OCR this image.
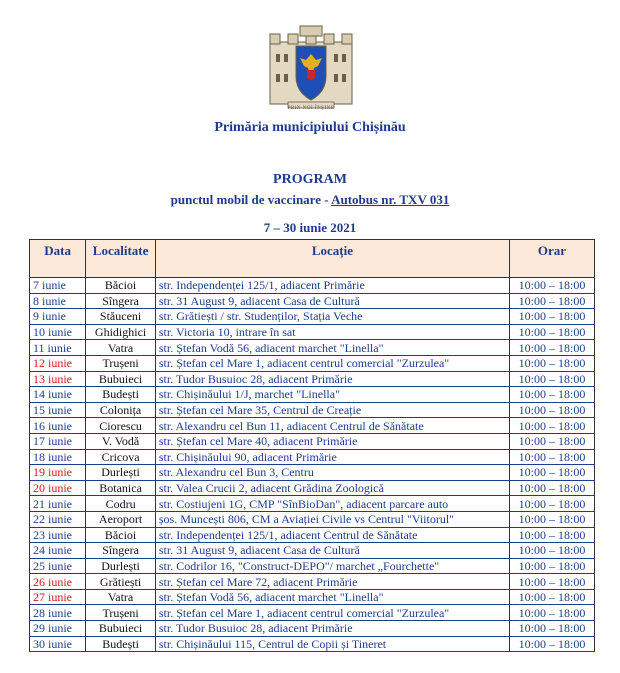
PRIN NOI ÎNȘINE
Primăria municipiului Chișinău
PROGRAM
punctul mobil de vaccinare - Autobus nr. TXV 031
7 – 30 iunie 2021
Data	Localitate	Locație	Orar
7 iunie	Băcioi	str. Independenței 125/1, adiacent Primărie	10:00 – 18:00
8 iunie	Sîngera	str. 31 August 9, adiacent Casa de Cultură	10:00 – 18:00
9 iunie	Stăuceni	str. Grătiești / str. Studenților, Stația Veche	10:00 – 18:00
10 iunie	Ghidighici	str. Victoria 10, intrare în sat	10:00 – 18:00
11 iunie	Vatra	str. Ștefan Vodă 56, adiacent marchet "Linella"	10:00 – 18:00
12 iunie	Trușeni	str. Ștefan cel Mare 1, adiacent centrul comercial "Zurzulea"	10:00 – 18:00
13 iunie	Bubuieci	str. Tudor Busuioc 28, adiacent Primărie	10:00 – 18:00
14 iunie	Budești	str. Chișinăului 1/J, marchet "Linella"	10:00 – 18:00
15 iunie	Colonița	str. Ștefan cel Mare 35, Centrul de Creație	10:00 – 18:00
16 iunie	Ciorescu	str. Alexandru cel Bun 11, adiacent Centrul de Sănătate	10:00 – 18:00
17 iunie	V. Vodă	str. Ștefan cel Mare 40, adiacent Primărie	10:00 – 18:00
18 iunie	Cricova	str. Chișinăului 90, adiacent Primărie	10:00 – 18:00
19 iunie	Durlești	str. Alexandru cel Bun 3, Centru	10:00 – 18:00
20 iunie	Botanica	str. Valea Crucii 2, adiacent Grădina Zoologică	10:00 – 18:00
21 iunie	Codru	str. Costiujeni 1G, CMP "SînBioDan", adiacent parcare auto	10:00 – 18:00
22 iunie	Aeroport	șos. Muncești 806, CM a Aviației Civile vs Centrul "Viitorul"	10:00 – 18:00
23 iunie	Băcioi	str. Independenței 125/1, adiacent Centrul de Sănătate	10:00 – 18:00
24 iunie	Sîngera	str. 31 August 9, adiacent Casa de Cultură	10:00 – 18:00
25 iunie	Durlești	str. Codrilor 16, "Construct-DEPO"/ marchet „Fourchette"	10:00 – 18:00
26 iunie	Grătiești	str. Ștefan cel Mare 72, adiacent Primărie	10:00 – 18:00
27 iunie	Vatra	str. Ștefan Vodă 56, adiacent marchet "Linella"	10:00 – 18:00
28 iunie	Trușeni	str. Ștefan cel Mare 1, adiacent centrul comercial "Zurzulea"	10:00 – 18:00
29 iunie	Bubuieci	str. Tudor Busuioc 28, adiacent Primărie	10:00 – 18:00
30 iunie	Budești	str. Chișinăului 115, Centrul de Copii și Tineret	10:00 – 18:00
